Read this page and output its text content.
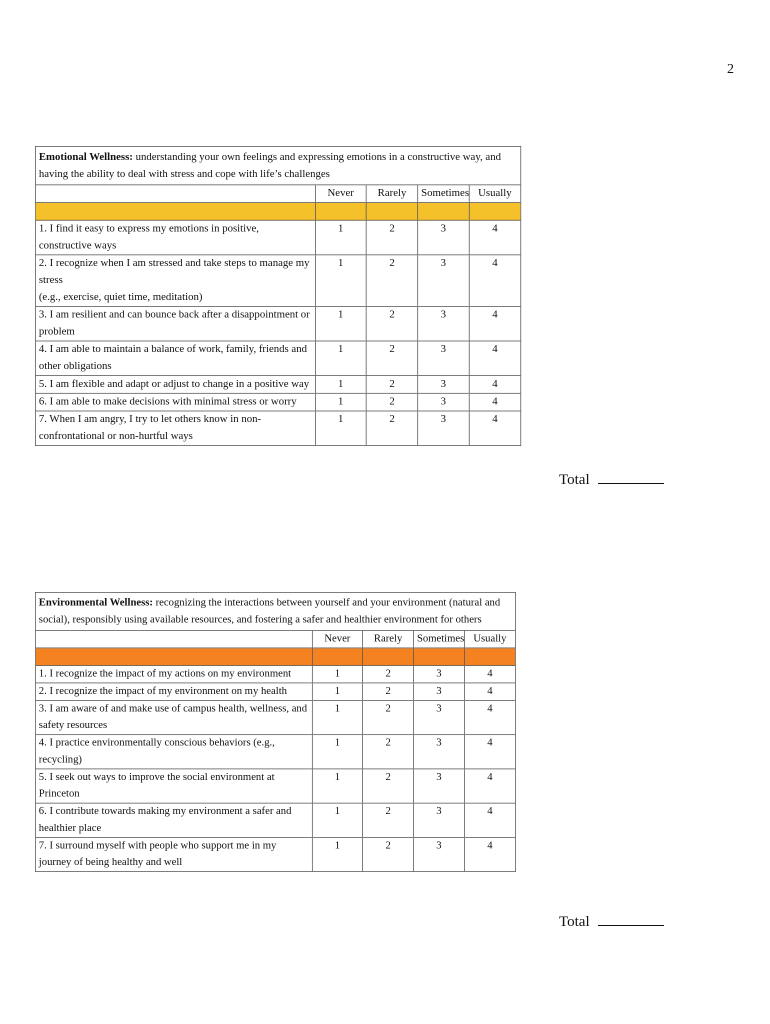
2
Emotional Wellness: understanding your own feelings and expressing emotions in a constructive way, and having the ability to deal with stress and cope with life’s challenges
	Never	Rarely	Sometimes	Usually

1. I find it easy to express my emotions in positive, constructive ways	1	2	3	4

2. I recognize when I am stressed and take steps to manage my stress
(e.g., exercise, quiet time, meditation)	1	2	3	4
3. I am resilient and can bounce back after a disappointment or problem	1	2	3	4
4. I am able to maintain a balance of work, family, friends and other obligations	1	2	3	4
5. I am flexible and adapt or adjust to change in a positive way	1	2	3	4
6. I am able to make decisions with minimal stress or worry	1	2	3	4
7. When I am angry, I try to let others know in non-confrontational or non-hurtful ways	1	2	3	4
Total
Environmental Wellness: recognizing the interactions between yourself and your environment (natural and social), responsibly using available resources, and fostering a safer and healthier environment for others
	Never	Rarely	Sometimes	Usually

1. I recognize the impact of my actions on my environment	1	2	3	4
2. I recognize the impact of my environment on my health	1	2	3	4
3. I am aware of and make use of campus health, wellness, and safety resources	1	2	3	4
4. I practice environmentally conscious behaviors (e.g., recycling)	1	2	3	4
5. I seek out ways to improve the social environment at Princeton	1	2	3	4
6. I contribute towards making my environment a safer and healthier place	1	2	3	4
7. I surround myself with people who support me in my journey of being healthy and well	1	2	3	4
Total
